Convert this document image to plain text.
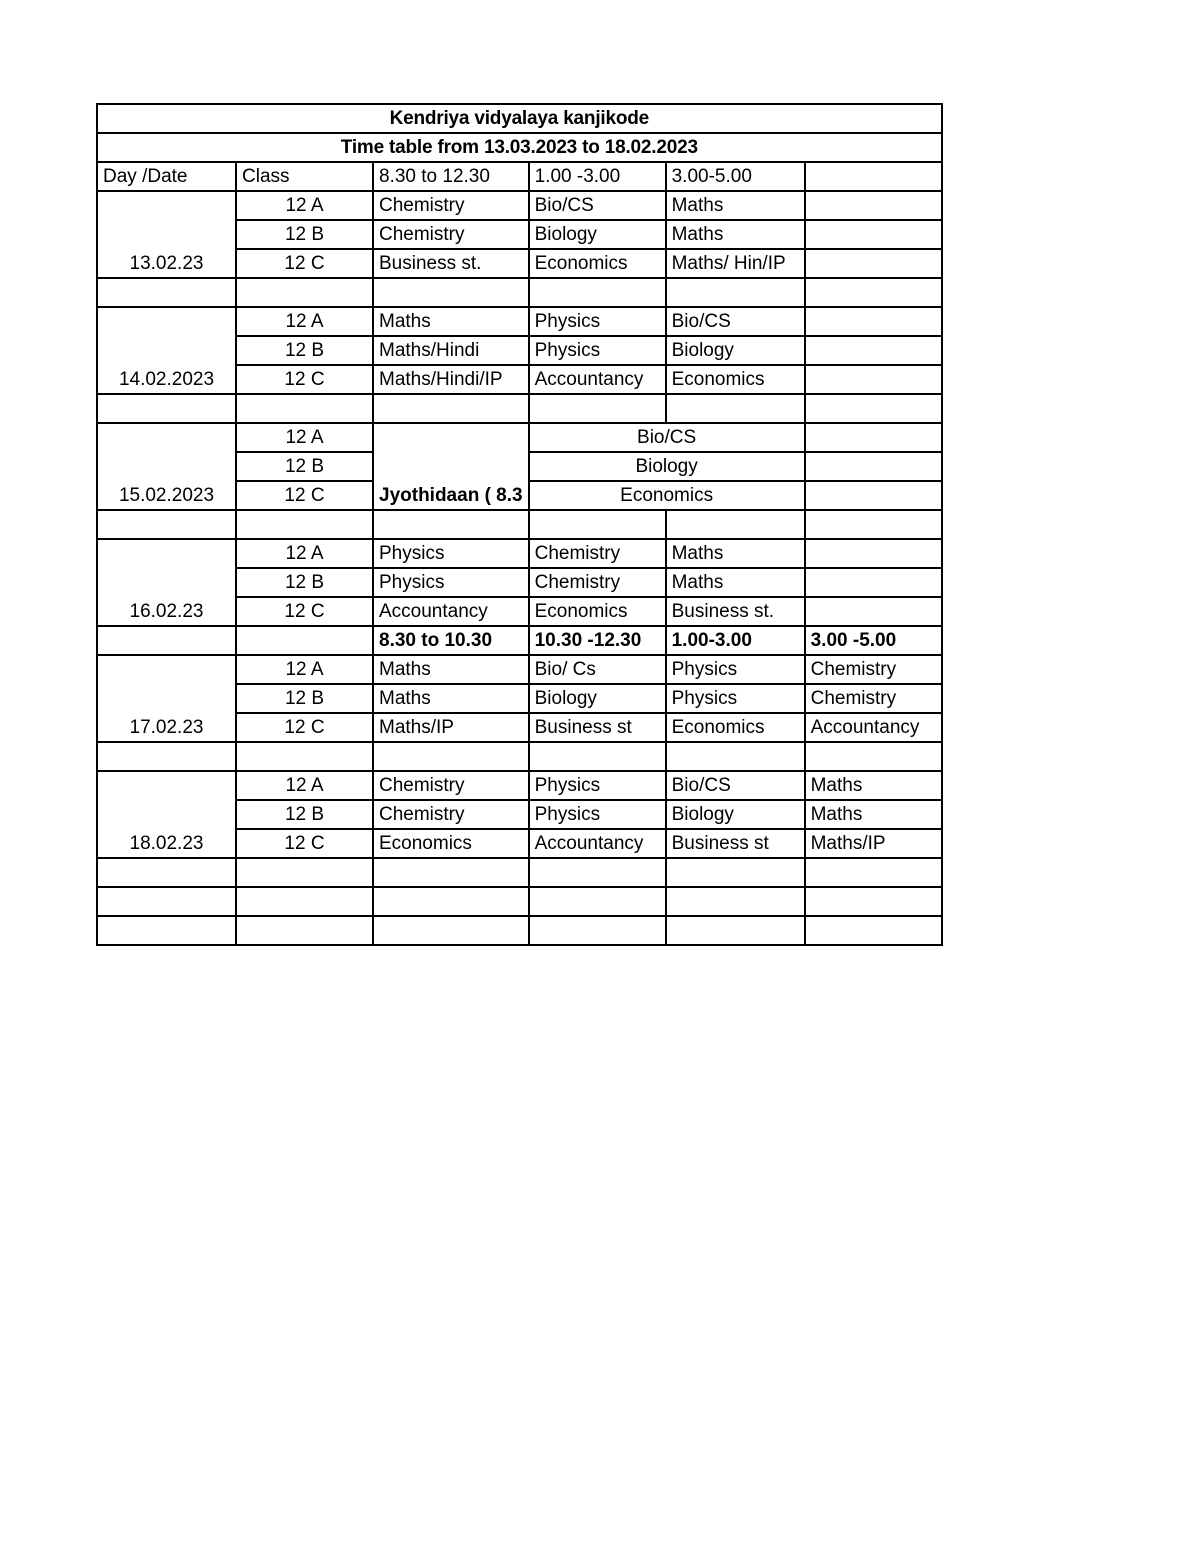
Kendriya vidyalaya kanjikode					
Time table from 13.03.2023 to 18.02.2023					
Day /Date	Class	8.30 to 12.30	1.00 -3.00	3.00-5.00	
13.02.23	12 A	Chemistry	Bio/CS	Maths	
	12 B	Chemistry	Biology	Maths	
	12 C	Business st.	Economics	Maths/ Hin/IP	

14.02.2023	12 A	Maths	Physics	Bio/CS	
	12 B	Maths/Hindi	Physics	Biology	
	12 C	Maths/Hindi/IP	Accountancy	Economics	

15.02.2023	12 A	Jyothidaan ( 8.3	Bio/CS		
	12 B		Biology		
	12 C		Economics		

16.02.23	12 A	Physics	Chemistry	Maths	
	12 B	Physics	Chemistry	Maths	
	12 C	Accountancy	Economics	Business st.	
		8.30 to 10.30	10.30 -12.30	1.00-3.00	3.00 -5.00
17.02.23	12 A	Maths	Bio/ Cs	Physics	Chemistry
	12 B	Maths	Biology	Physics	Chemistry
	12 C	Maths/IP	Business st	Economics	Accountancy

18.02.23	12 A	Chemistry	Physics	Bio/CS	Maths
	12 B	Chemistry	Physics	Biology	Maths
	12 C	Economics	Accountancy	Business st	Maths/IP
